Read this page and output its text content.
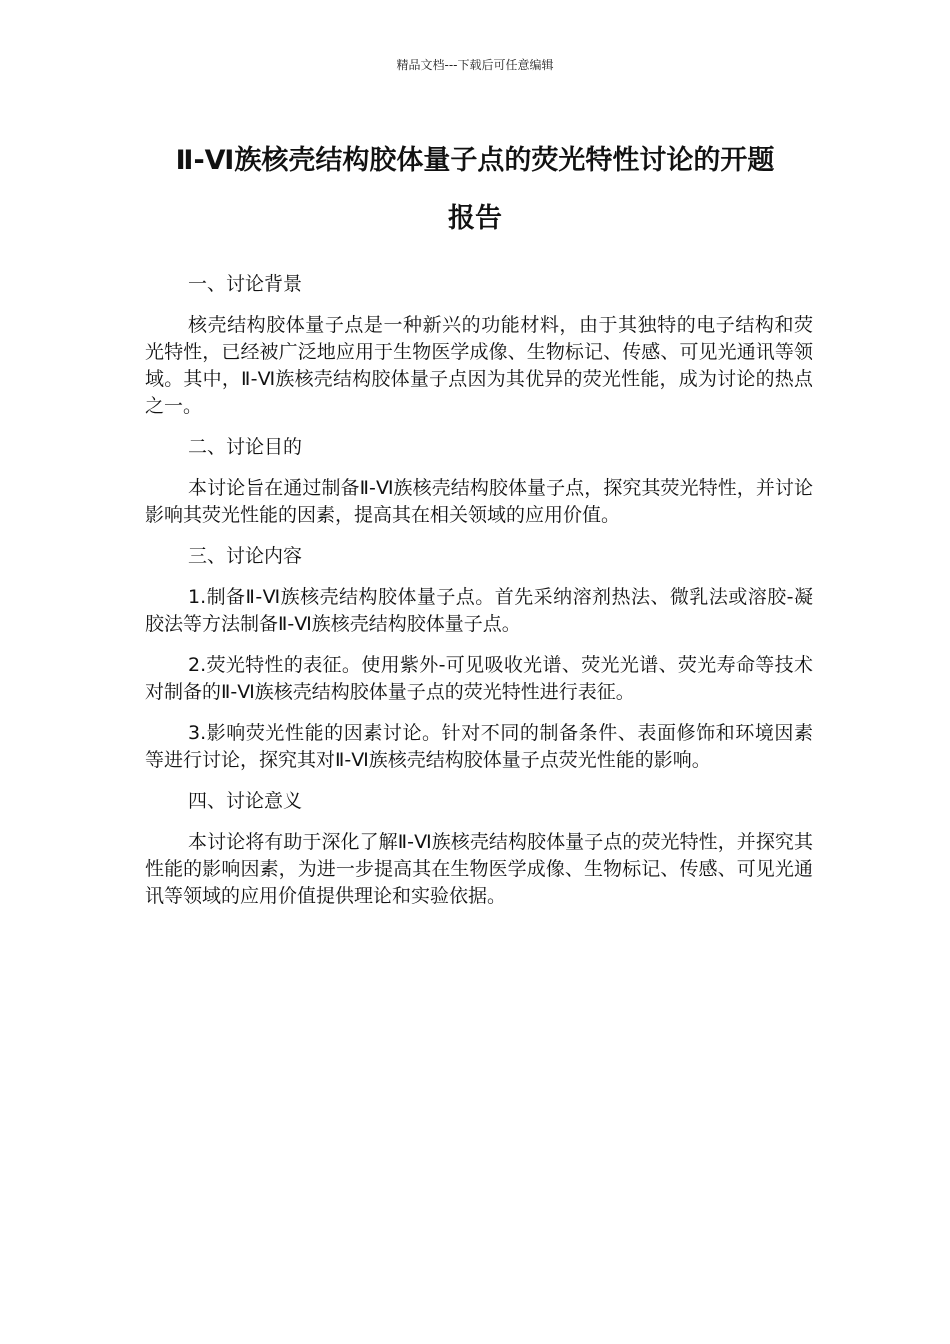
精品文档---下载后可任意编辑
Ⅱ-Ⅵ族核壳结构胶体量子点的荧光特性讨论的开题
报告

一、讨论背景

核壳结构胶体量子点是一种新兴的功能材料，由于其独特的电子结构和荧光特性，已经被广泛地应用于生物医学成像、生物标记、传感、可见光通讯等领域。其中，Ⅱ-Ⅵ族核壳结构胶体量子点因为其优异的荧光性能，成为讨论的热点之一。

二、讨论目的

本讨论旨在通过制备Ⅱ-Ⅵ族核壳结构胶体量子点，探究其荧光特性，并讨论影响其荧光性能的因素，提高其在相关领域的应用价值。

三、讨论内容

1.制备Ⅱ-Ⅵ族核壳结构胶体量子点。首先采纳溶剂热法、微乳法或溶胶-凝胶法等方法制备Ⅱ-Ⅵ族核壳结构胶体量子点。

2.荧光特性的表征。使用紫外-可见吸收光谱、荧光光谱、荧光寿命等技术对制备的Ⅱ-Ⅵ族核壳结构胶体量子点的荧光特性进行表征。

3.影响荧光性能的因素讨论。针对不同的制备条件、表面修饰和环境因素等进行讨论，探究其对Ⅱ-Ⅵ族核壳结构胶体量子点荧光性能的影响。

四、讨论意义

本讨论将有助于深化了解Ⅱ-Ⅵ族核壳结构胶体量子点的荧光特性，并探究其性能的影响因素，为进一步提高其在生物医学成像、生物标记、传感、可见光通讯等领域的应用价值提供理论和实验依据。
